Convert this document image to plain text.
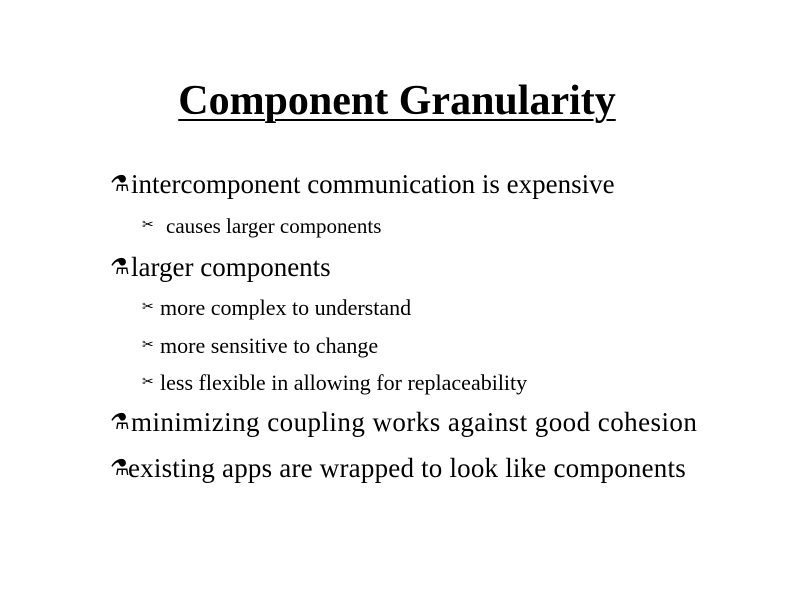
Component Granularity
⚗ intercomponent communication is expensive
✂ causes larger components
⚗ larger components
✂ more complex to understand
✂ more sensitive to change
✂ less flexible in allowing for replaceability
⚗ minimizing coupling works against good cohesion
⚗
existing apps are wrapped to look like components
